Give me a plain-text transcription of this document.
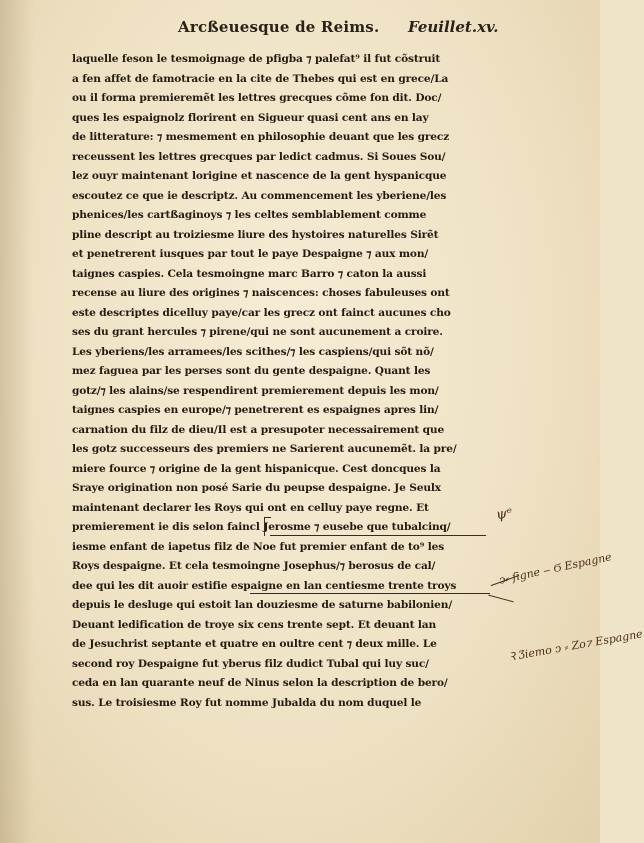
Arcßeuesque de Reims. Feuillet.xv.
laquelle feson le tesmoignage de pfigba ⁊ palefat⁹ il fut cõstruit
a fen affet de famotracie en la cite de Thebes qui est en grece/La
ou il forma premieremẽt les lettres grecques cõme fon dit. Doc/
ques les espaignolz florirent en Sigueur quasi cent ans en lay
de litterature: ⁊ mesmement en philosophie deuant que les grecz
receussent les lettres grecques par ledict cadmus. Si Soues Sou/
lez ouyr maintenant lorigine et nascence de la gent hyspanicque
escoutez ce que ie descriptz. Au commencement les yberiene/les
phenices/les cartßaginoys ⁊ les celtes semblablement comme
pline descript au troiziesme liure des hystoires naturelles Sirẽt
et penetrerent iusques par tout le paye Despaigne ⁊ aux mon/
taignes caspies. Cela tesmoingne marc Barro ⁊ caton la aussi
recense au liure des origines ⁊ naiscences: choses fabuleuses ont
este descriptes dicelluy paye/car les grecz ont fainct aucunes cho
ses du grant hercules ⁊ pirene/qui ne sont aucunement a croire.
Les yberiens/les arramees/les scithes/⁊ les caspiens/qui sõt nõ/
mez faguea par les perses sont du gente despaigne. Quant les
gotz/⁊ les alains/se respendirent premierement depuis les mon/
taignes caspies en europe/⁊ penetrerent es espaignes apres lin/
carnation du filz de dieu/Il est a presupoter necessairement que
les gotz successeurs des premiers ne Sarierent aucunemẽt. la pre/
miere fource ⁊ origine de la gent hispanicque. Cest doncques la
Sraye origination non posé Sarie du peupse despaigne. Je Seulx
maintenant declarer les Roys qui ont en celluy paye regne. Et
premierement ie dis selon faincl Jerosme ⁊ eusebe que tubalcinq/
iesme enfant de iapetus filz de Noe fut premier enfant de to⁹ les
Roys despaigne. Et cela tesmoingne Josephus/⁊ berosus de cal/
dee qui les dit auoir estifie espaigne en lan centiesme trente troys
depuis le desluge qui estoit lan douziesme de saturne babilonien/
Deuant ledification de troye six cens trente sept. Et deuant lan
de Jesuchrist septante et quatre en oultre cent ⁊ deux mille. Le
second roy Despaigne fut yberus filz dudict Tubal qui luy suc/
ceda en lan quarante neuf de Ninus selon la description de bero/
sus. Le troisiesme Roy fut nomme Jubalda du nom duquel le
ψᵉ
ↄ⸗ ſigne ‒ Ϭ Espagne
Ꝛ Ʒiemo ↄ ⸗ Zo⁊ Espagne
